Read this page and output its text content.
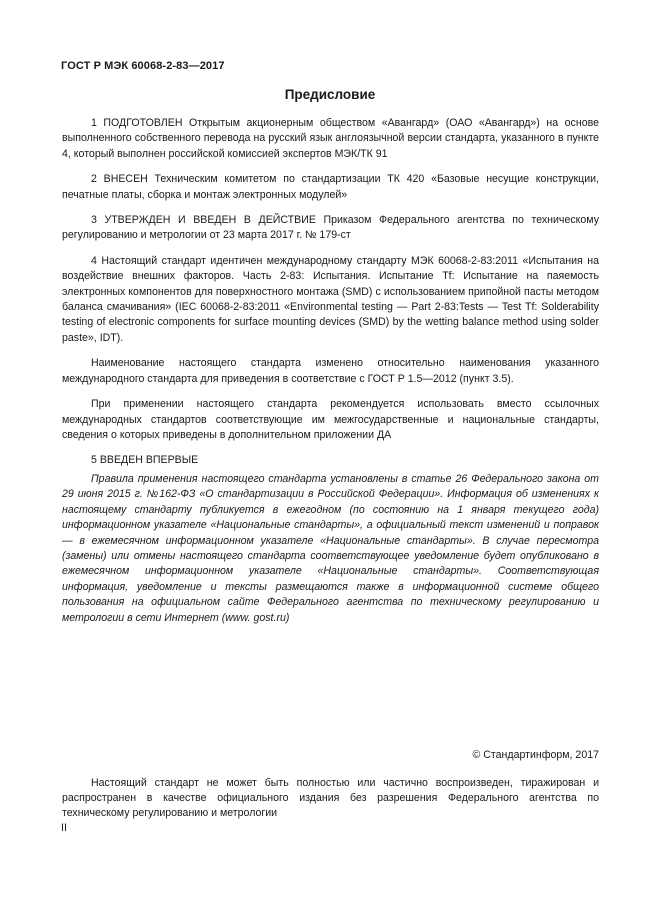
ГОСТ Р МЭК 60068-2-83—2017
Предисловие

1 ПОДГОТОВЛЕН Открытым акционерным обществом «Авангард» (ОАО «Авангард») на основе выполненного собственного перевода на русский язык англоязычной версии стандарта, указанного в пункте 4, который выполнен российской комиссией экспертов МЭК/ТК 91

2 ВНЕСЕН Техническим комитетом по стандартизации ТК 420 «Базовые несущие конструкции, печатные платы, сборка и монтаж электронных модулей»

3 УТВЕРЖДЕН И ВВЕДЕН В ДЕЙСТВИЕ Приказом Федерального агентства по техническому регулированию и метрологии от 23 марта 2017 г. № 179-ст

4 Настоящий стандарт идентичен международному стандарту МЭК 60068-2-83:2011 «Испытания на воздействие внешних факторов. Часть 2-83: Испытания. Испытание Tf: Испытание на паяемость электронных компонентов для поверхностного монтажа (SMD) с использованием припойной пасты методом баланса смачивания» (IEC 60068-2-83:2011 «Environmental testing — Part 2-83:Tests — Test Tf: Solderability testing of electronic components for surface mounting devices (SMD) by the wetting balance method using solder paste», IDT).

Наименование настоящего стандарта изменено относительно наименования указанного международного стандарта для приведения в соответствие с ГОСТ Р 1.5—2012 (пункт 3.5).

При применении настоящего стандарта рекомендуется использовать вместо ссылочных международных стандартов соответствующие им межгосударственные и национальные стандарты, сведения о которых приведены в дополнительном приложении ДА

5 ВВЕДЕН ВПЕРВЫЕ

Правила применения настоящего стандарта установлены в статье 26 Федерального закона от 29 июня 2015 г. №162-ФЗ «О стандартизации в Российской Федерации». Информация об изменениях к настоящему стандарту публикуется в ежегодном (по состоянию на 1 января текущего года) информационном указателе «Национальные стандарты», а официальный текст изменений и поправок — в ежемесячном информационном указателе «Национальные стандарты». В случае пересмотра (замены) или отмены настоящего стандарта соответствующее уведомление будет опубликовано в ежемесячном информационном указателе «Национальные стандарты». Соответствующая информация, уведомление и тексты размещаются также в информационной системе общего пользования на официальном сайте Федерального агентства по техническому регулированию и метрологии в сети Интернет (www. gost.ru)

© Стандартинформ, 2017

Настоящий стандарт не может быть полностью или частично воспроизведен, тиражирован и распространен в качестве официального издания без разрешения Федерального агентства по техническому регулированию и метрологии

II
